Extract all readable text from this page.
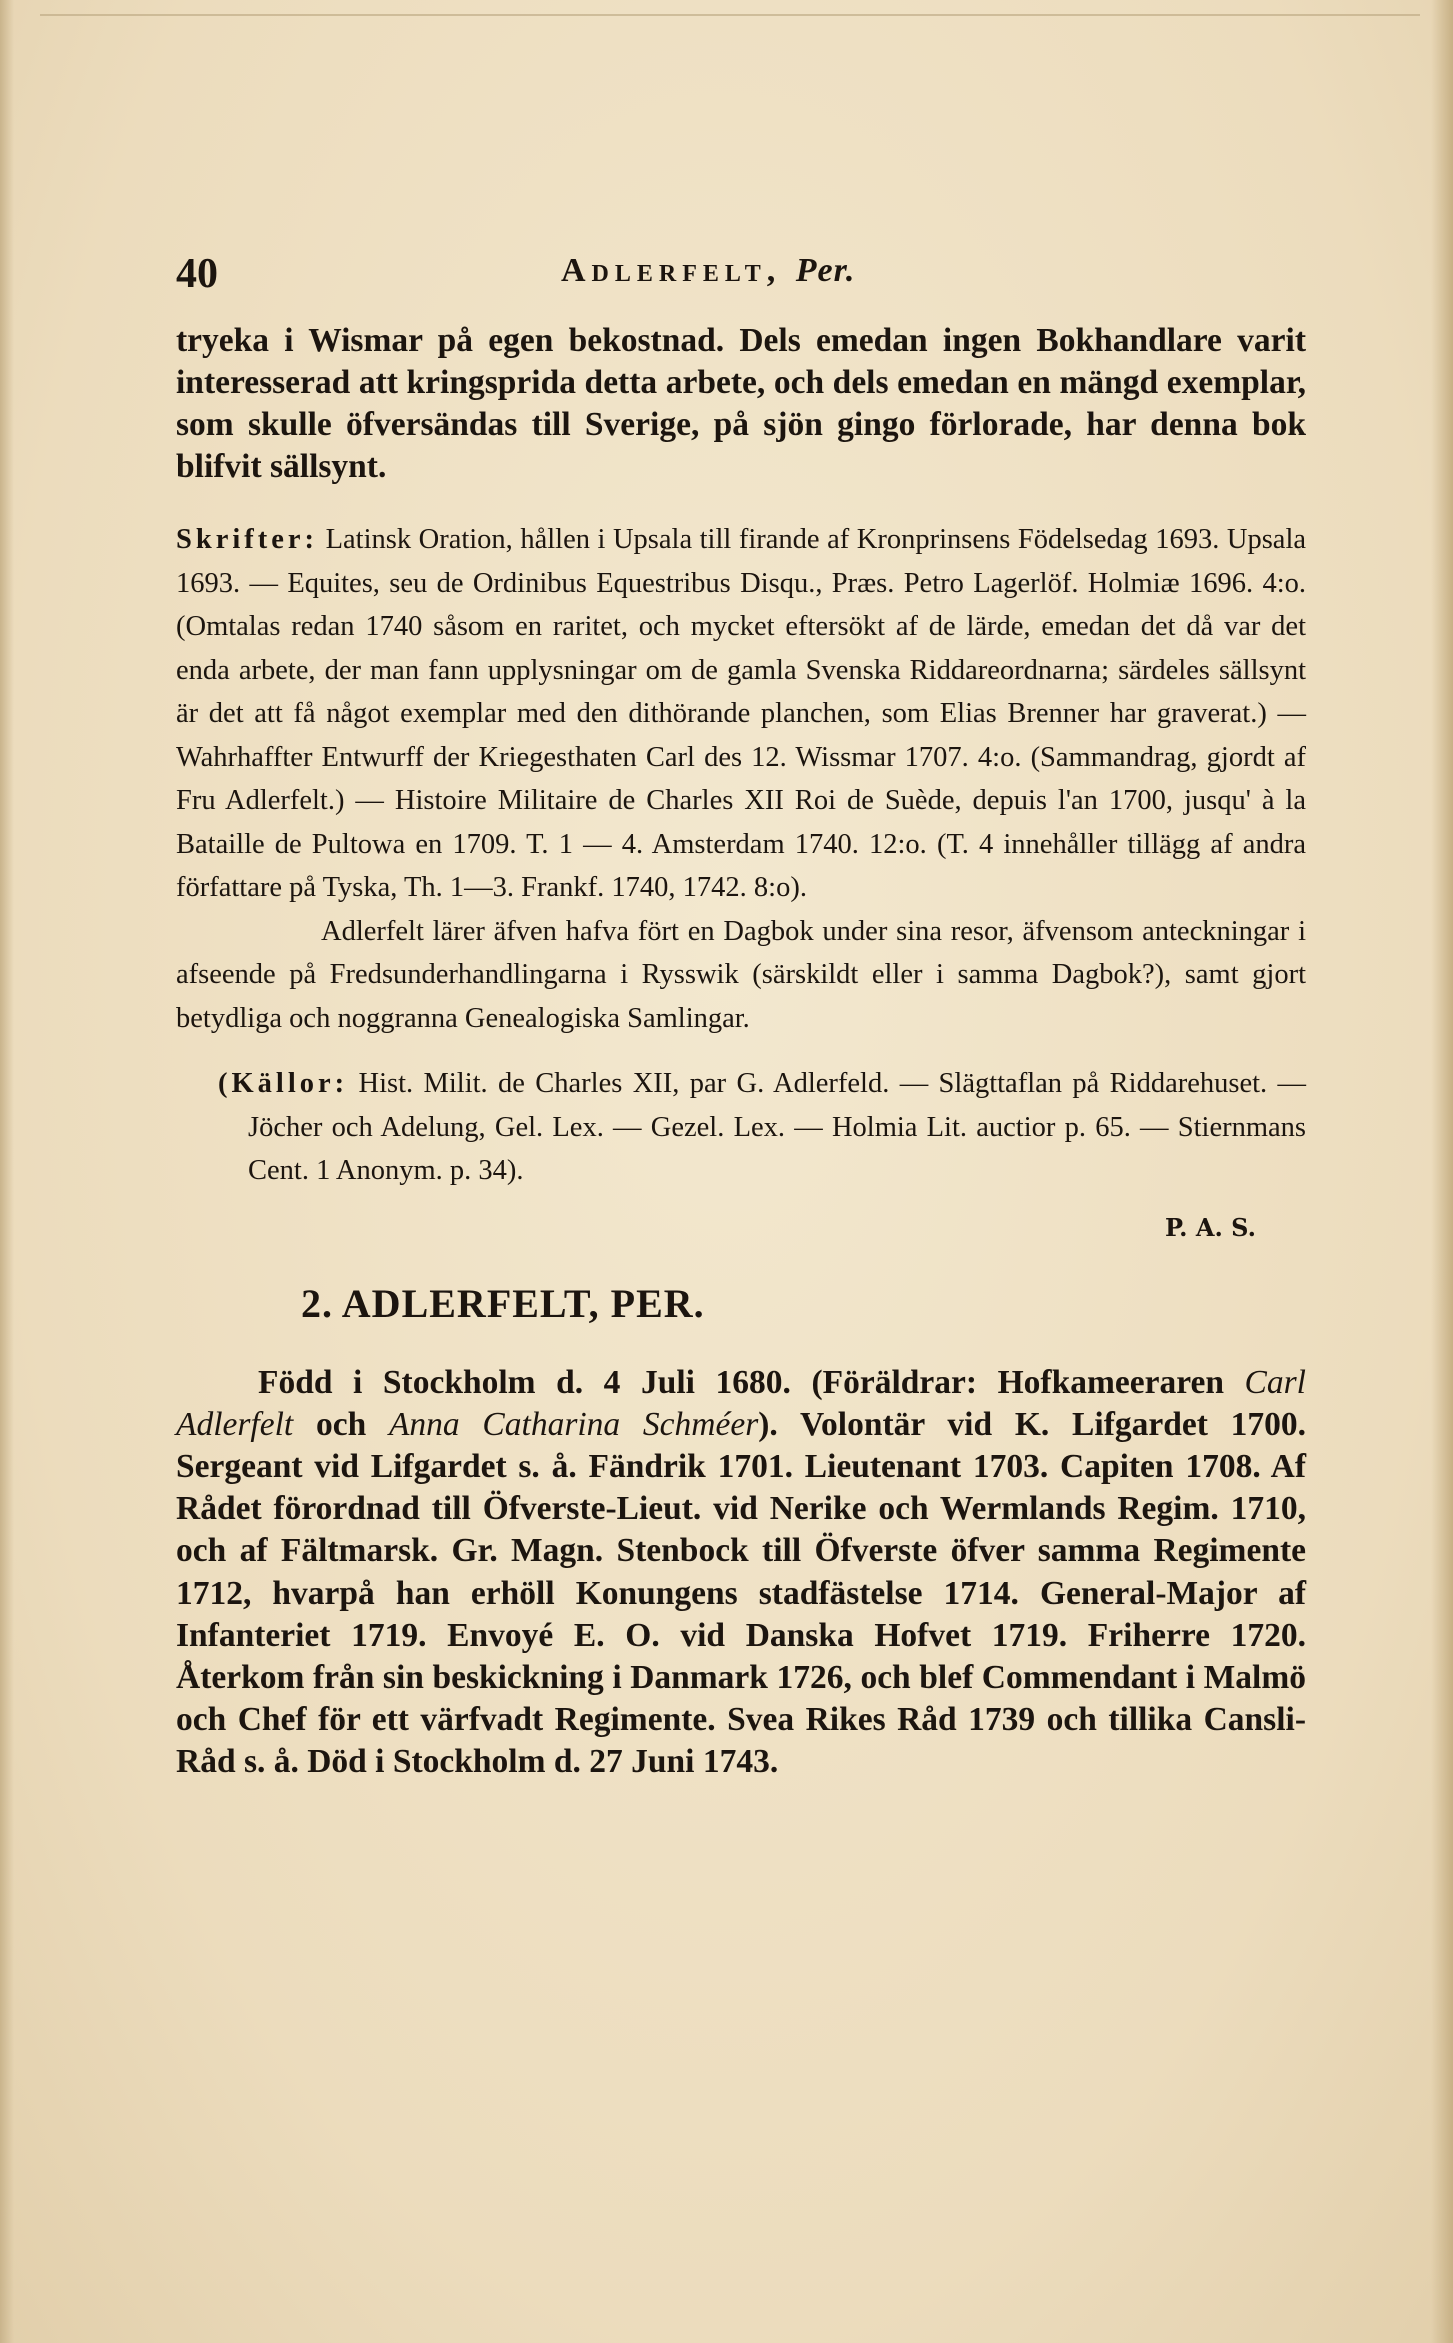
40	Adlerfelt, Per.

tryeka i Wismar på egen bekostnad. Dels emedan ingen Bokhandlare varit interesserad att kringsprida detta arbete, och dels emedan en mängd exemplar, som skulle öfversändas till Sverige, på sjön gingo förlorade, har denna bok blifvit sällsynt.

Skrifter: Latinsk Oration, hållen i Upsala till firande af Kronprinsens Födelsedag 1693. Upsala 1693. — Equites, seu de Ordinibus Equestribus Disqu., Præs. Petro Lagerlöf. Holmiæ 1696. 4:o. (Omtalas redan 1740 såsom en raritet, och mycket eftersökt af de lärde, emedan det då var det enda arbete, der man fann upplysningar om de gamla Svenska Riddareordnarna; särdeles sällsynt är det att få något exemplar med den dithörande planchen, som Elias Brenner har graverat.) — Wahrhaffter Entwurff der Kriegesthaten Carl des 12. Wissmar 1707. 4:o. (Sammandrag, gjordt af Fru Adlerfelt.) — Histoire Militaire de Charles XII Roi de Suède, depuis l'an 1700, jusqu' à la Bataille de Pultowa en 1709. T. 1 — 4. Amsterdam 1740. 12:o. (T. 4 innehåller tillägg af andra författare på Tyska, Th. 1—3. Frankf. 1740, 1742. 8:o).

Adlerfelt lärer äfven hafva fört en Dagbok under sina resor, äfvensom anteckningar i afseende på Fredsunderhandlingarna i Rysswik (särskildt eller i samma Dagbok?), samt gjort betydliga och noggranna Genealogiska Samlingar.

(Källor: Hist. Milit. de Charles XII, par G. Adlerfeld. — Slägttaflan på Riddarehuset. — Jöcher och Adelung, Gel. Lex. — Gezel. Lex. — Holmia Lit. auctior p. 65. — Stiernmans Cent. 1 Anonym. p. 34).

P. A. S.
2. ADLERFELT, PER.

Född i Stockholm d. 4 Juli 1680. (Föräldrar: Hofkameeraren Carl Adlerfelt och Anna Catharina Schméer). Volontär vid K. Lifgardet 1700. Sergeant vid Lifgardet s. å. Fändrik 1701. Lieutenant 1703. Capiten 1708. Af Rådet förordnad till Öfverste-Lieut. vid Nerike och Wermlands Regim. 1710, och af Fältmarsk. Gr. Magn. Stenbock till Öfverste öfver samma Regimente 1712, hvarpå han erhöll Konungens stadfästelse 1714. General-Major af Infanteriet 1719. Envoyé E. O. vid Danska Hofvet 1719. Friherre 1720. Återkom från sin beskickning i Danmark 1726, och blef Commendant i Malmö och Chef för ett värfvadt Regimente. Svea Rikes Råd 1739 och tillika Cansli-Råd s. å. Död i Stockholm d. 27 Juni 1743.
